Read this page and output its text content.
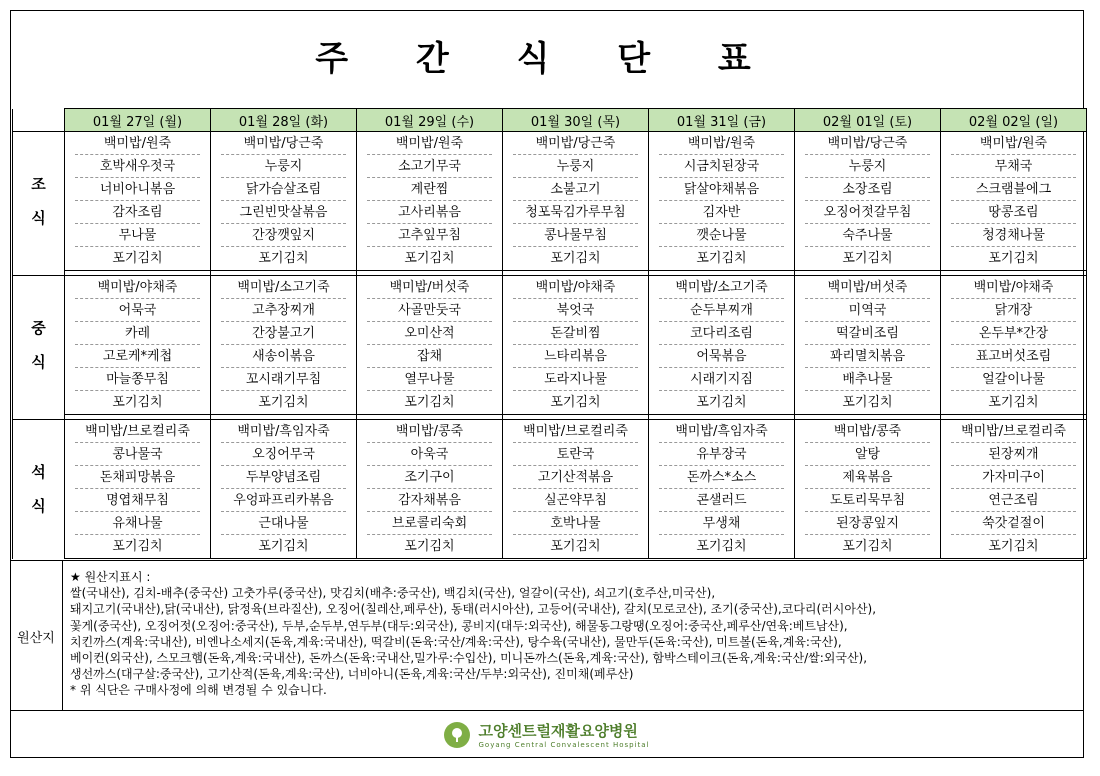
주 간 식 단 표
	01월 27일 (월)	01월 28일 (화)	01월 29일 (수)	01월 30일 (목)	01월 31일 (금)	02월 01일 (토)	02월 02일 (일)
조
식	백미밥/원죽	백미밥/당근죽	백미밥/원죽	백미밥/당근죽	백미밥/원죽	백미밥/당근죽	백미밥/원죽
	호박새우젓국	누룽지	소고기무국	누룽지	시금치된장국	누룽지	무채국
	너비아니볶음	닭가슴살조림	계란찜	소불고기	닭살야채볶음	소장조림	스크램블에그
	감자조림	그린빈맛살볶음	고사리볶음	청포묵김가루무침	김자반	오징어젓갈무침	땅콩조림
	무나물	간장깻잎지	고추잎무침	콩나물무침	깻순나물	숙주나물	청경채나물
	포기김치	포기김치	포기김치	포기김치	포기김치	포기김치	포기김치

중
식	백미밥/야채죽	백미밥/소고기죽	백미밥/버섯죽	백미밥/야채죽	백미밥/소고기죽	백미밥/버섯죽	백미밥/야채죽
	어묵국	고추장찌개	사골만둣국	북엇국	순두부찌개	미역국	닭개장
	카레	간장불고기	오미산적	돈갈비찜	코다리조림	떡갈비조림	온두부*간장
	고로케*케첩	새송이볶음	잡채	느타리볶음	어묵볶음	꽈리멸치볶음	표고버섯조림
	마늘쫑무침	꼬시래기무침	열무나물	도라지나물	시래기지짐	배추나물	얼갈이나물
	포기김치	포기김치	포기김치	포기김치	포기김치	포기김치	포기김치

석
식	백미밥/브로컬리죽	백미밥/흑임자죽	백미밥/콩죽	백미밥/브로컬리죽	백미밥/흑임자죽	백미밥/콩죽	백미밥/브로컬리죽
	콩나물국	오징어무국	아욱국	토란국	유부장국	알탕	된장찌개
	돈채피망볶음	두부양념조림	조기구이	고기산적볶음	돈까스*소스	제육볶음	가자미구이
	명엽채무침	우엉파프리카볶음	감자채볶음	실곤약무침	콘샐러드	도토리묵무침	연근조림
	유채나물	근대나물	브로콜리숙회	호박나물	무생채	된장콩잎지	쑥갓겉절이
	포기김치	포기김치	포기김치	포기김치	포기김치	포기김치	포기김치
원산지
★ 원산지표시 :
쌀(국내산), 김치-배추(중국산) 고춧가루(중국산), 맛김치(배추:중국산), 백김치(국산), 얼갈이(국산), 쇠고기(호주산,미국산),
돼지고기(국내산),닭(국내산), 닭정육(브라질산), 오징어(칠레산,페루산), 동태(러시아산), 고등어(국내산), 갈치(모로코산), 조기(중국산),코다리(러시아산),
꽃게(중국산), 오징어젓(오징어:중국산), 두부,순두부,연두부(대두:외국산), 콩비지(대두:외국산), 해물동그랑땡(오징어:중국산,페루산/연육:베트남산),
치킨까스(계육:국내산), 비엔나소세지(돈육,계육:국내산), 떡갈비(돈육:국산/계육:국산), 탕수육(국내산), 물만두(돈육:국산), 미트볼(돈육,계육:국산),
베이컨(외국산), 스모크햄(돈육,계육:국내산), 돈까스(돈육:국내산,밀가루:수입산), 미니돈까스(돈육,계육:국산), 함박스테이크(돈육,계육:국산/쌀:외국산),
생선까스(대구살:중국산), 고기산적(돈육,계육:국산), 너비아니(돈육,계육:국산/두부:외국산), 진미채(페루산)
* 위 식단은 구매사정에 의해 변경될 수 있습니다.
고양센트럴재활요양병원
Goyang Central Convalescent Hospital
